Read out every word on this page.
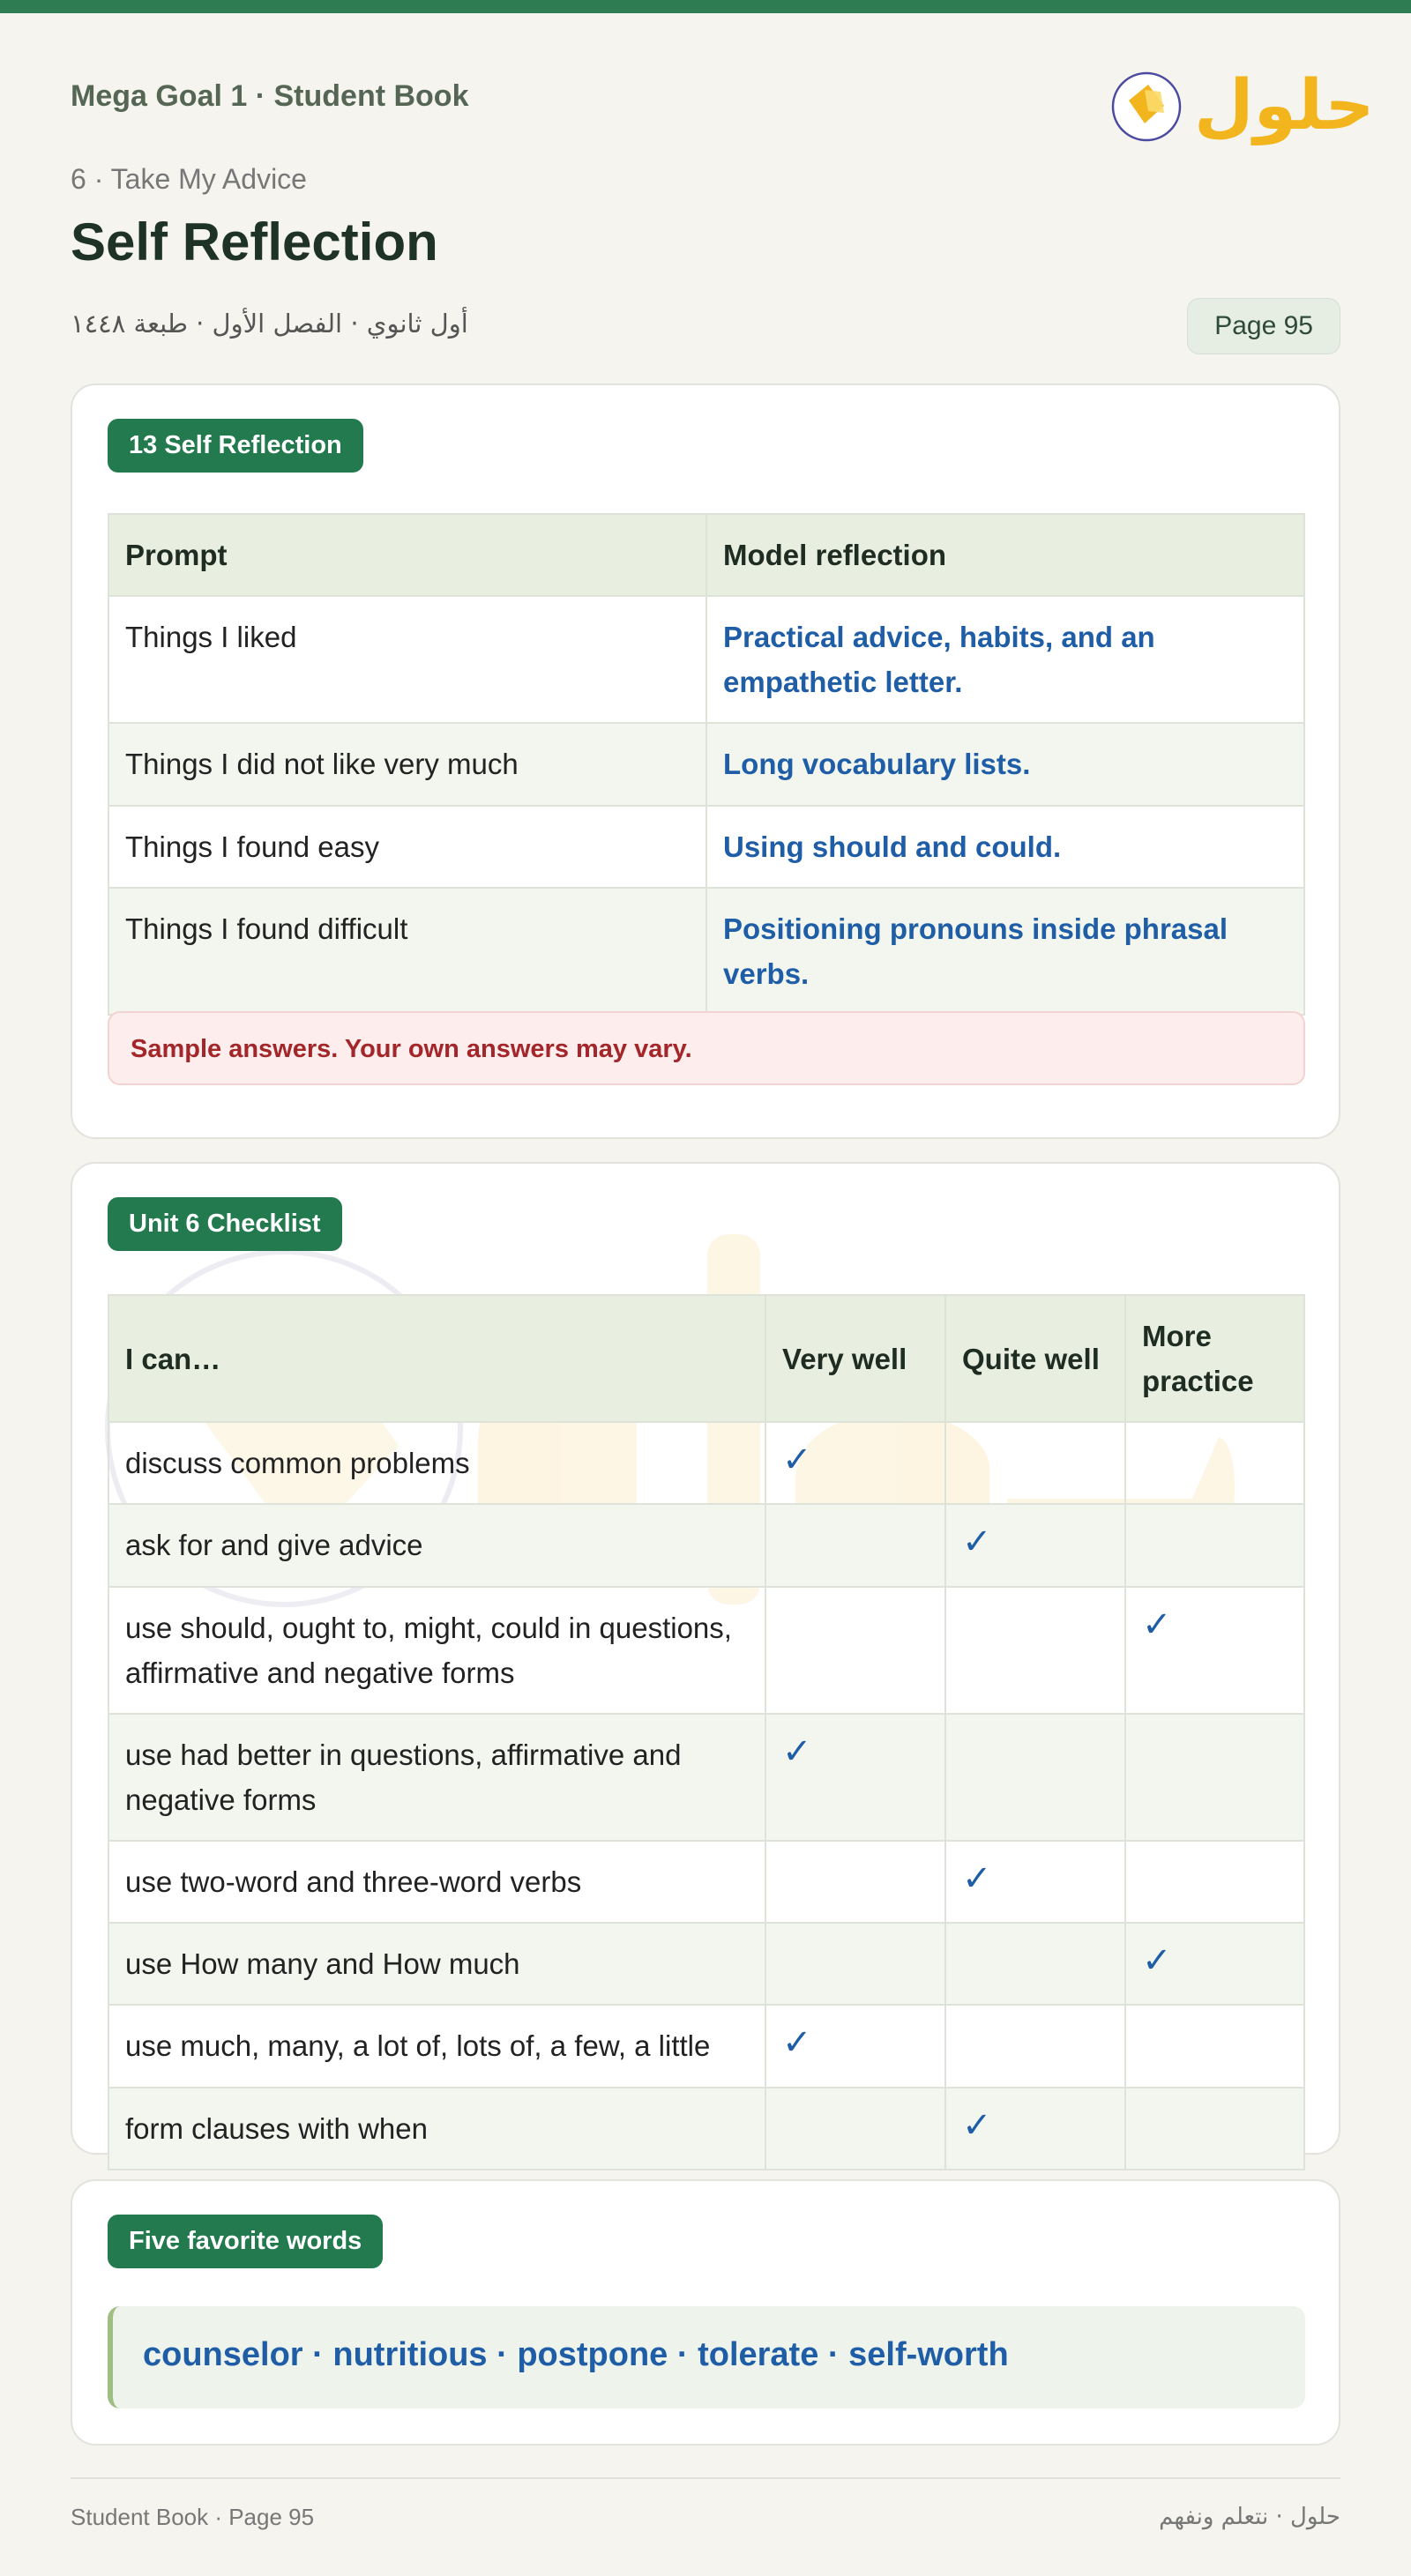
Mega Goal 1 · Student Book
6 · Take My Advice
Self Reflection
أول ثانوي · الفصل الأول · طبعة ١٤٤٨	Page 95
حلول
13 Self Reflection
Prompt	Model reflection
Things I liked	Practical advice, habits, and an empathetic letter.
Things I did not like very much	Long vocabulary lists.
Things I found easy	Using should and could.
Things I found difficult	Positioning pronouns inside phrasal verbs.
Sample answers. Your own answers may vary.
Unit 6 Checklist
I can…	Very well	Quite well	More practice
discuss common problems	✓		
ask for and give advice		✓	
use should, ought to, might, could in questions, affirmative and negative forms			✓
use had better in questions, affirmative and negative forms	✓		
use two-word and three-word verbs		✓	
use How many and How much			✓
use much, many, a lot of, lots of, a few, a little	✓		
form clauses with when		✓	
Five favorite words
counselor · nutritious · postpone · tolerate · self-worth
Student Book · Page 95	حلول · نتعلم ونفهم
